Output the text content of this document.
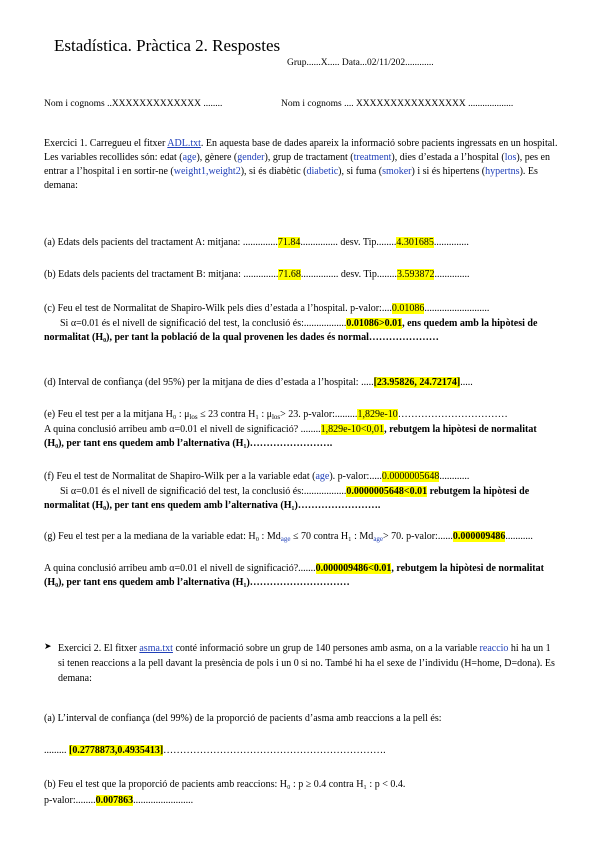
Estadística. Pràctica 2. Respostes
Grup......X..... Data...02/11/202............
Nom i cognoms ..XXXXXXXXXXXXX ........	Nom i cognoms .... XXXXXXXXXXXXXXXX ...................
Exercici 1. Carregueu el fitxer ADL.txt. En aquesta base de dades apareix la informació sobre pacients ingressats en un hospital. Les variables recollides són: edat (age), gènere (gender), grup de tractament (treatment), dies d’estada a l’hospital (los), pes en entrar a l’hospital i en sortir-ne (weight1,weight2), si és diabètic (diabetic), si fuma (smoker) i si és hipertens (hypertns). Es demana:
(a) Edats dels pacients del tractament A: mitjana: ..............71.84............... desv. Tip........4.301685..............
(b) Edats dels pacients del tractament B: mitjana: ..............71.68............... desv. Tip........3.593872..............
(c) Feu el test de Normalitat de Shapiro-Wilk pels dies d’estada a l’hospital. p-valor:....0.01086..........................
Si α=0.01 és el nivell de significació del test, la conclusió és:.................0.01086>0.01, ens quedem amb la hipòtesi de normalitat (H₀), per tant la població de la qual provenen les dades és normal…………………
(d) Interval de confiança (del 95%) per la mitjana de dies d’estada a l’hospital: .....[23.95826, 24.72174].....
(e) Feu el test per a la mitjana H₀ : $\mu_{los} \le 23$ contra H₁ : $\mu_{los}> 23$. p-valor:.........1,829e-10……………………………
A quina conclusió arribeu amb α=0.01 el nivell de significació? ........1,829e-10<0,01, rebutgem la hipòtesi de normalitat (H₀), per tant ens quedem amb l’alternativa (H₁)…………………….
(f) Feu el test de Normalitat de Shapiro-Wilk per a la variable edat (age). p-valor:.....0.0000005648............
Si α=0.01 és el nivell de significació del test, la conclusió és:.................0.0000005648<0.01 rebutgem la hipòtesi de normalitat (H₀), per tant ens quedem amb l’alternativa (H₁)…………………….
(g) Feu el test per a la mediana de la variable edat: H₀ : $Md_{age} \le 70$ contra H₁ : $Md_{age}> 70$. p-valor:......0.000009486...........
A quina conclusió arribeu amb α=0.01 el nivell de significació?.......0.000009486<0.01, rebutgem la hipòtesi de normalitat (H₀), per tant ens quedem amb l’alternativa (H₁)…………………………
➤ Exercici 2. El fitxer asma.txt conté informació sobre un grup de 140 persones amb asma, on a la variable reaccio hi ha un 1 si tenen reaccions a la pell davant la presència de pols i un 0 si no. També hi ha el sexe de l’individu (H=home, D=dona). Es demana:
(a) L’interval de confiança (del 99%) de la proporció de pacients d’asma amb reaccions a la pell és:
......... [0.2778873,0.4935413]………………………………………………………….
(b) Feu el test que la proporció de pacients amb reaccions: H₀ : p ≥ 0.4 contra H₁ : p < 0.4.
p-valor:........0.007863........................
